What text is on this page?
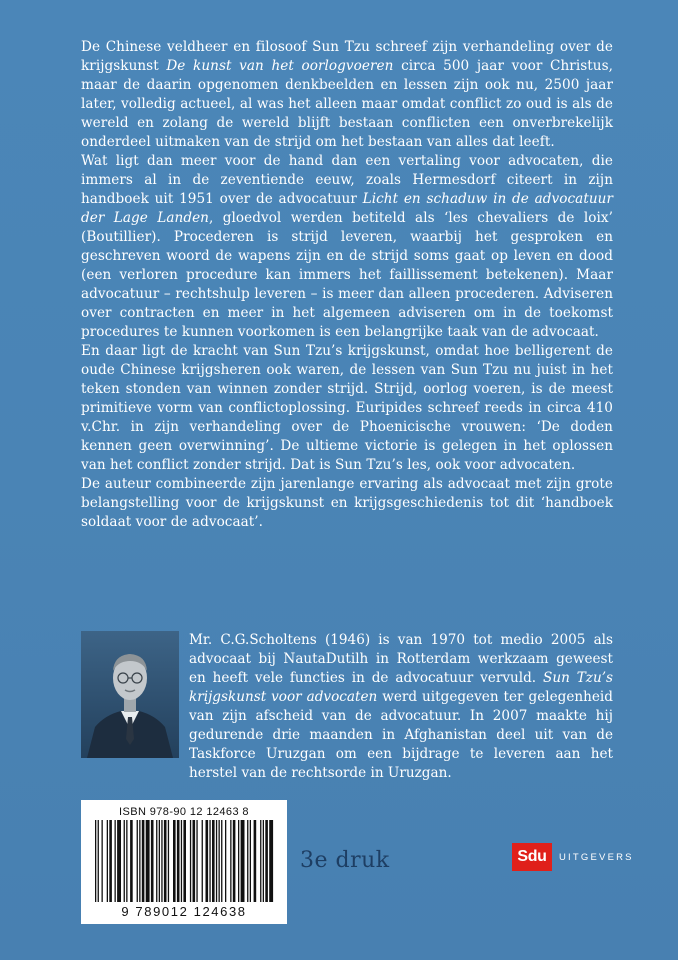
De Chinese veldheer en filosoof Sun Tzu schreef zijn verhandeling over de krijgskunst De kunst van het oorlogvoeren circa 500 jaar voor Christus, maar de daarin opgenomen denkbeelden en lessen zijn ook nu, 2500 jaar later, volledig actueel, al was het alleen maar omdat conflict zo oud is als de wereld en zolang de wereld blijft bestaan conflicten een onverbrekelijk onderdeel uitmaken van de strijd om het bestaan van alles dat leeft.

Wat ligt dan meer voor de hand dan een vertaling voor advocaten, die immers al in de zeventiende eeuw, zoals Hermesdorf citeert in zijn handboek uit 1951 over de advocatuur Licht en schaduw in de advocatuur der Lage Landen, gloedvol werden betiteld als ‘les chevaliers de loix’ (Boutillier). Procederen is strijd leveren, waarbij het gesproken en geschreven woord de wapens zijn en de strijd soms gaat op leven en dood (een verloren procedure kan immers het faillissement betekenen). Maar advocatuur – rechtshulp leveren – is meer dan alleen procederen. Adviseren over contracten en meer in het algemeen adviseren om in de toekomst procedures te kunnen voorkomen is een belangrijke taak van de advocaat.

En daar ligt de kracht van Sun Tzu’s krijgskunst, omdat hoe belligerent de oude Chinese krijgsheren ook waren, de lessen van Sun Tzu nu juist in het teken stonden van winnen zonder strijd. Strijd, oorlog voeren, is de meest primitieve vorm van conflictoplossing. Euripides schreef reeds in circa 410 v.Chr. in zijn verhandeling over de Phoenicische vrouwen: ‘De doden kennen geen overwinning’. De ultieme victorie is gelegen in het oplossen van het conflict zonder strijd. Dat is Sun Tzu’s les, ook voor advocaten.

De auteur combineerde zijn jarenlange ervaring als advocaat met zijn grote belangstelling voor de krijgskunst en krijgsgeschiedenis tot dit ‘handboek soldaat voor de advocaat’.

Mr. C.G.Scholtens (1946) is van 1970 tot medio 2005 als advocaat bij NautaDutilh in Rotterdam werkzaam geweest en heeft vele functies in de advocatuur vervuld. Sun Tzu’s krijgskunst voor advocaten werd uitgegeven ter gelegenheid van zijn afscheid van de advocatuur. In 2007 maakte hij gedurende drie maanden in Afghanistan deel uit van de Taskforce Uruzgan om een bijdrage te leveren aan het herstel van de rechtsorde in Uruzgan.
ISBN 978-90 12 12463 8
9 789012 124638
3e druk	Sdu	UITGEVERS
